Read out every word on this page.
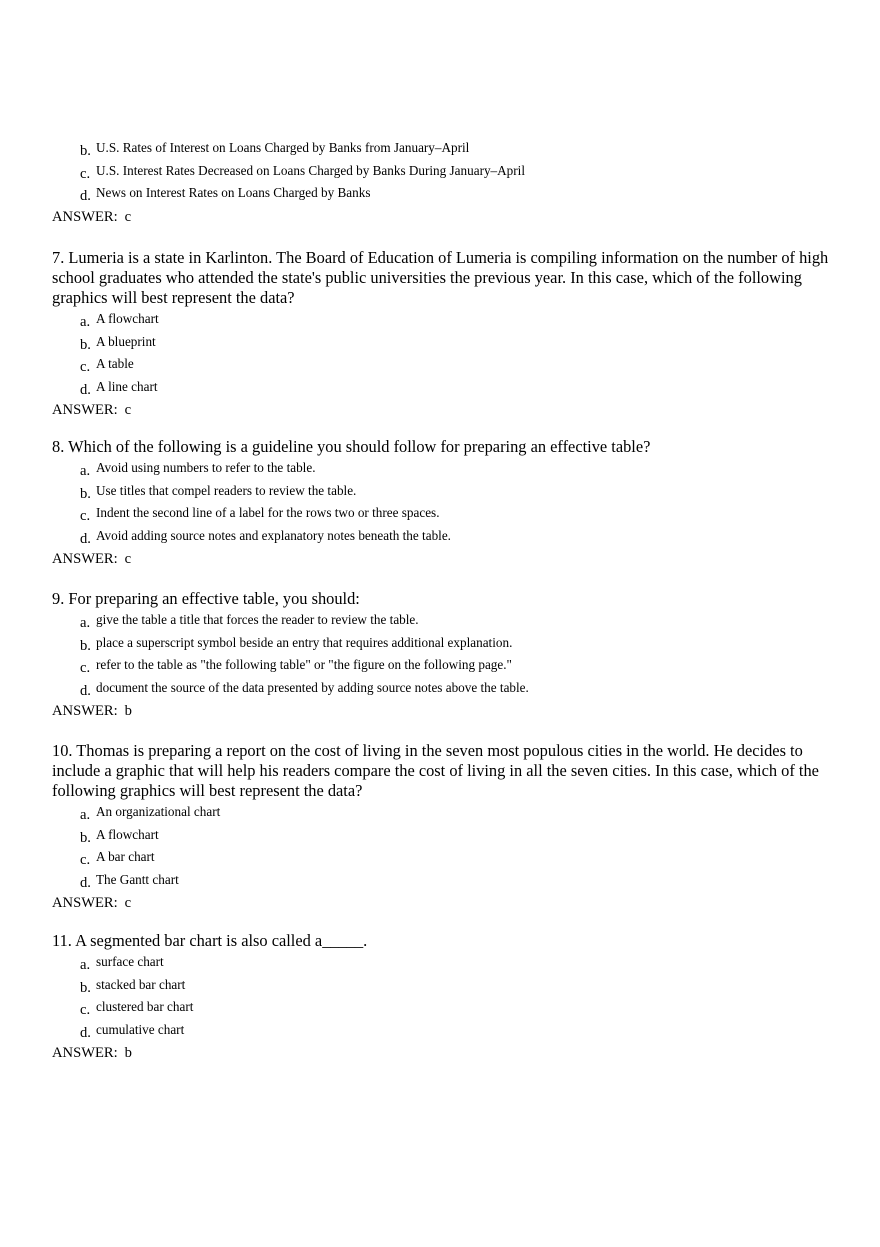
b. U.S. Rates of Interest on Loans Charged by Banks from January–April
c. U.S. Interest Rates Decreased on Loans Charged by Banks During January–April
d. News on Interest Rates on Loans Charged by Banks
ANSWER: c

7. Lumeria is a state in Karlinton. The Board of Education of Lumeria is compiling information on the number of high school graduates who attended the state's public universities the previous year. In this case, which of the following graphics will best represent the data?

a. A flowchart
b. A blueprint
c. A table
d. A line chart
ANSWER: c

8. Which of the following is a guideline you should follow for preparing an effective table?

a. Avoid using numbers to refer to the table.
b. Use titles that compel readers to review the table.
c. Indent the second line of a label for the rows two or three spaces.
d. Avoid adding source notes and explanatory notes beneath the table.
ANSWER: c

9. For preparing an effective table, you should:

a. give the table a title that forces the reader to review the table.
b. place a superscript symbol beside an entry that requires additional explanation.
c. refer to the table as "the following table" or "the figure on the following page."
d. document the source of the data presented by adding source notes above the table.
ANSWER: b

10. Thomas is preparing a report on the cost of living in the seven most populous cities in the world. He decides to include a graphic that will help his readers compare the cost of living in all the seven cities. In this case, which of the following graphics will best represent the data?

a. An organizational chart
b. A flowchart
c. A bar chart
d. The Gantt chart
ANSWER: c

11. A segmented bar chart is also called a_____.

a. surface chart
b. stacked bar chart
c. clustered bar chart
d. cumulative chart
ANSWER: b
